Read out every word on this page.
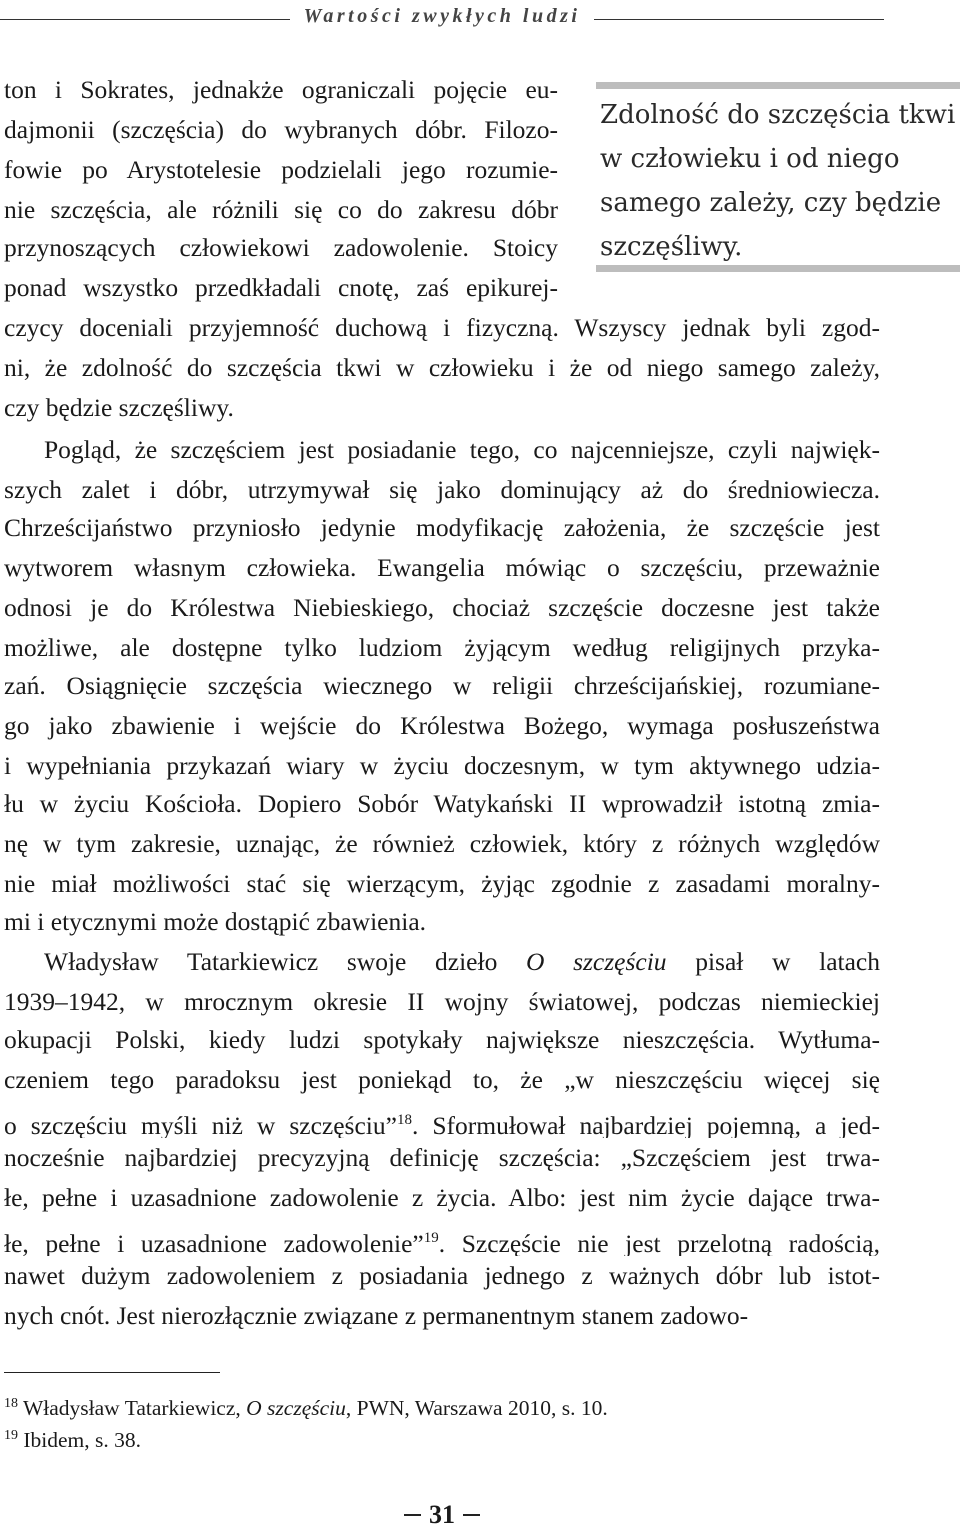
Wartości zwykłych ludzi
Zdolność do szczęścia tkwi
w człowieku i od niego
samego zależy, czy będzie
szczęśliwy.
ton i Sokrates, jednakże ograniczali pojęcie eu-
dajmonii (szczęścia) do wybranych dóbr. Filozo-
fowie po Arystotelesie podzielali jego rozumie-
nie szczęścia, ale różnili się co do zakresu dóbr
przynoszących człowiekowi zadowolenie. Stoicy
ponad wszystko przedkładali cnotę, zaś epikurej-
czycy doceniali przyjemność duchową i fizyczną. Wszyscy jednak byli zgod-
ni, że zdolność do szczęścia tkwi w człowieku i że od niego samego zależy,
czy będzie szczęśliwy.
Pogląd, że szczęściem jest posiadanie tego, co najcenniejsze, czyli najwięk-
szych zalet i dóbr, utrzymywał się jako dominujący aż do średniowiecza.
Chrześcijaństwo przyniosło jedynie modyfikację założenia, że szczęście jest
wytworem własnym człowieka. Ewangelia mówiąc o szczęściu, przeważnie
odnosi je do Królestwa Niebieskiego, chociaż szczęście doczesne jest także
możliwe, ale dostępne tylko ludziom żyjącym według religijnych przyka-
zań. Osiągnięcie szczęścia wiecznego w religii chrześcijańskiej, rozumiane-
go jako zbawienie i wejście do Królestwa Bożego, wymaga posłuszeństwa
i wypełniania przykazań wiary w życiu doczesnym, w tym aktywnego udzia-
łu w życiu Kościoła. Dopiero Sobór Watykański II wprowadził istotną zmia-
nę w tym zakresie, uznając, że również człowiek, który z różnych względów
nie miał możliwości stać się wierzącym, żyjąc zgodnie z zasadami moralny-
mi i etycznymi może dostąpić zbawienia.
Władysław Tatarkiewicz swoje dzieło O szczęściu pisał w latach
1939–1942, w mrocznym okresie II wojny światowej, podczas niemieckiej
okupacji Polski, kiedy ludzi spotykały największe nieszczęścia. Wytłuma-
czeniem tego paradoksu jest poniekąd to, że „w nieszczęściu więcej się
o szczęściu myśli niż w szczęściu”$^{18}$. Sformułował najbardziej pojemną, a jed-
nocześnie najbardziej precyzyjną definicję szczęścia: „Szczęściem jest trwa-
łe, pełne i uzasadnione zadowolenie z życia. Albo: jest nim życie dające trwa-
łe, pełne i uzasadnione zadowolenie”$^{19}$. Szczęście nie jest przelotną radością,
nawet dużym zadowoleniem z posiadania jednego z ważnych dóbr lub istot-
nych cnót. Jest nierozłącznie związane z permanentnym stanem zadowo-
$^{18}$ Władysław Tatarkiewicz, O szczęściu, PWN, Warszawa 2010, s. 10.
$^{19}$ Ibidem, s. 38.
31
